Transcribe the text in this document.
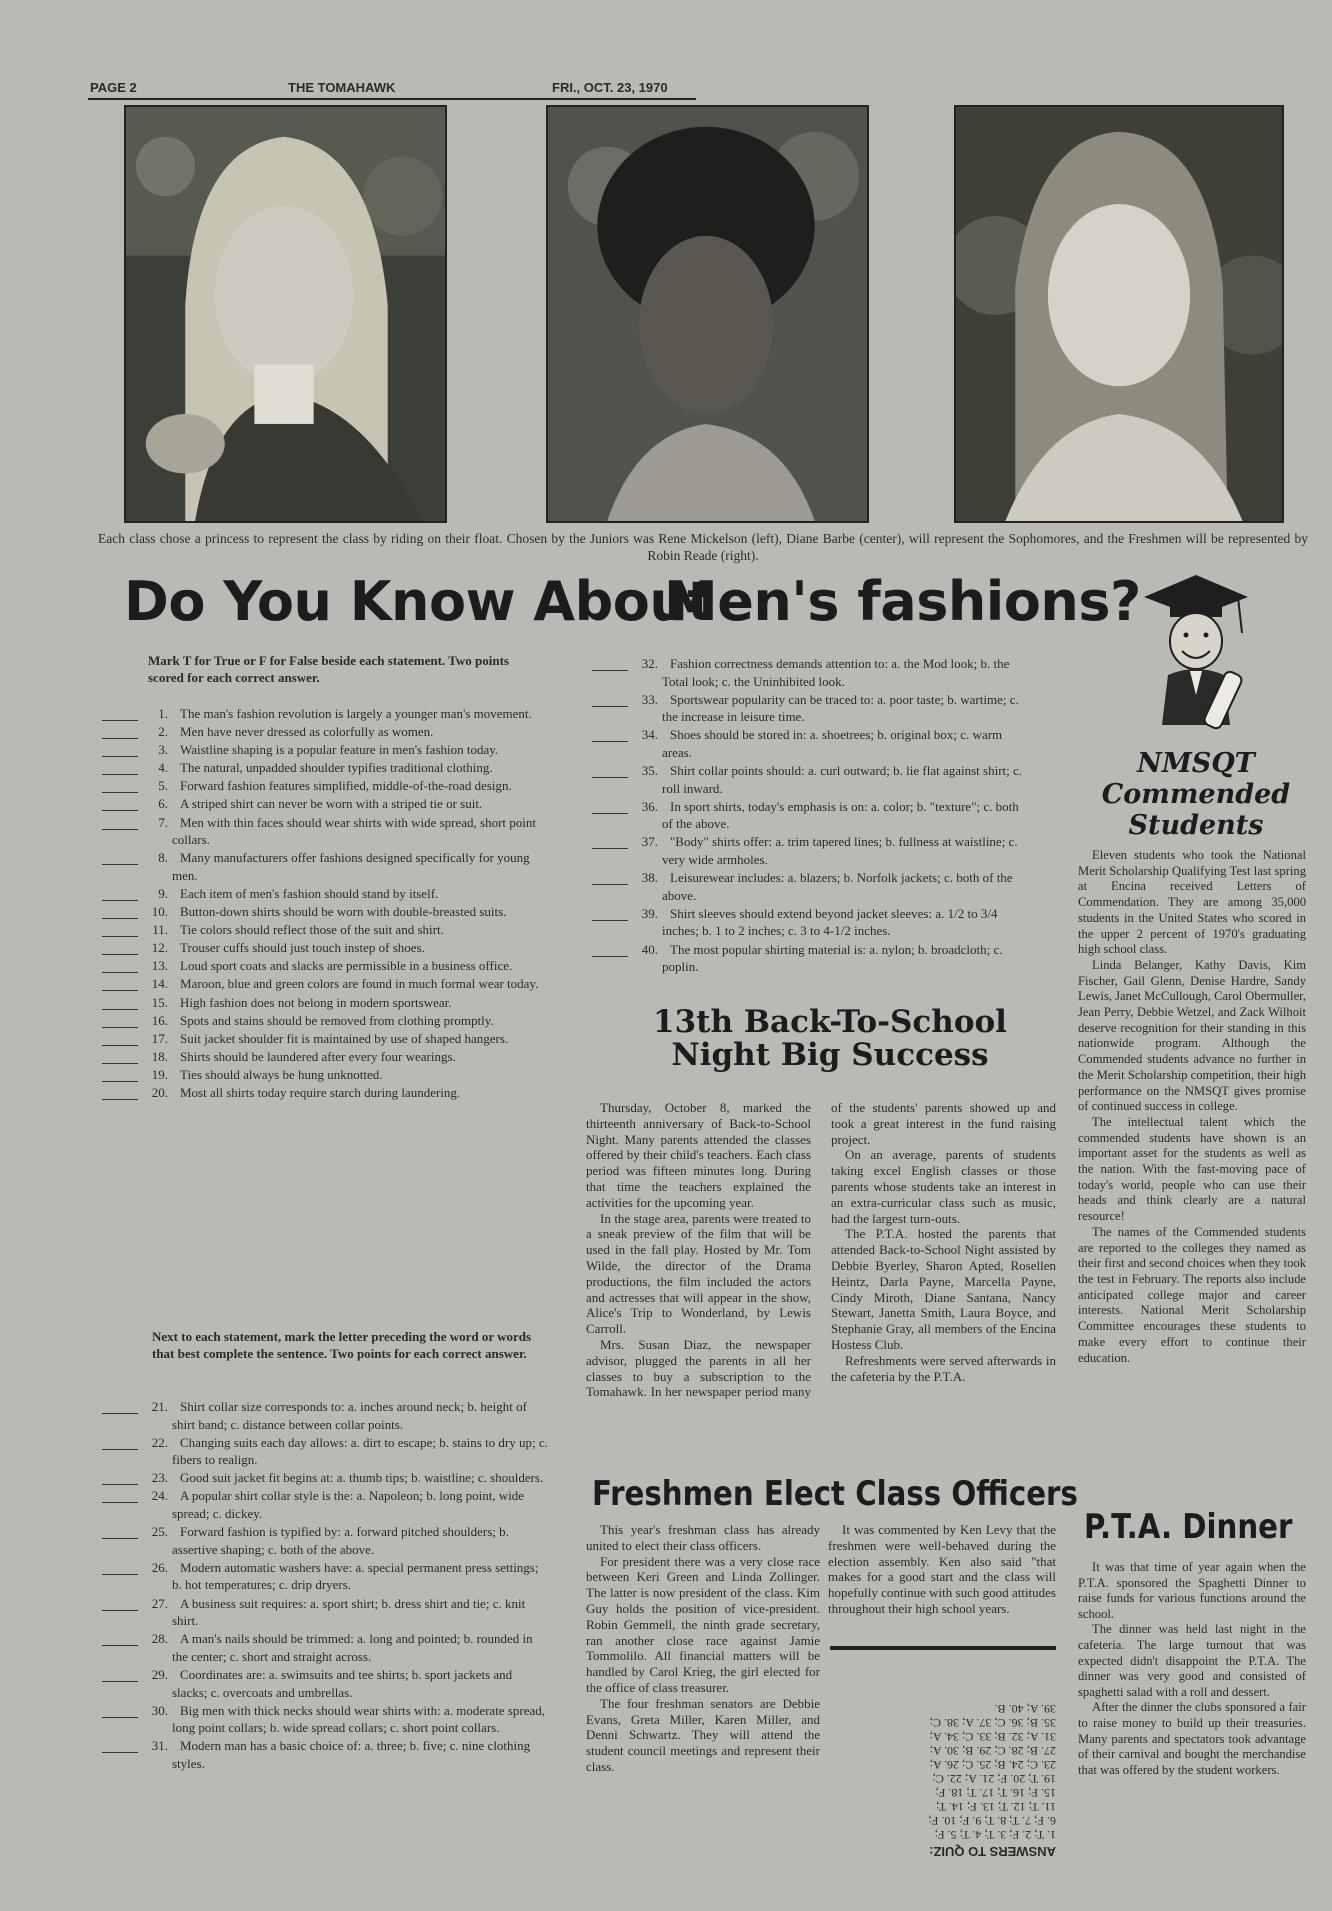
PAGE 2	THE TOMAHAWK	FRI., OCT. 23, 1970
Each class chose a princess to represent the class by riding on their float. Chosen by the Juniors was Rene Mickelson (left), Diane Barbe (center), will represent the Sophomores, and the Freshmen will be represented by Robin Reade (right).
Do You Know About
Men's fashions?
Mark T for True or F for False beside each statement. Two points scored for each correct answer.
1. The man's fashion revolution is largely a younger man's movement.
2. Men have never dressed as colorfully as women.
3. Waistline shaping is a popular feature in men's fashion today.
4. The natural, unpadded shoulder typifies traditional clothing.
5. Forward fashion features simplified, middle-of-the-road design.
6. A striped shirt can never be worn with a striped tie or suit.
7. Men with thin faces should wear shirts with wide spread, short point collars.
8. Many manufacturers offer fashions designed specifically for young men.
9. Each item of men's fashion should stand by itself.
10. Button-down shirts should be worn with double-breasted suits.
11. Tie colors should reflect those of the suit and shirt.
12. Trouser cuffs should just touch instep of shoes.
13. Loud sport coats and slacks are permissible in a business office.
14. Maroon, blue and green colors are found in much formal wear today.
15. High fashion does not belong in modern sportswear.
16. Spots and stains should be removed from clothing promptly.
17. Suit jacket shoulder fit is maintained by use of shaped hangers.
18. Shirts should be laundered after every four wearings.
19. Ties should always be hung unknotted.
20. Most all shirts today require starch during laundering.
Next to each statement, mark the letter preceding the word or words that best complete the sentence. Two points for each correct answer.
21. Shirt collar size corresponds to: a. inches around neck; b. height of shirt band; c. distance between collar points.
22. Changing suits each day allows: a. dirt to escape; b. stains to dry up; c. fibers to realign.
23. Good suit jacket fit begins at: a. thumb tips; b. waistline; c. shoulders.
24. A popular shirt collar style is the: a. Napoleon; b. long point, wide spread; c. dickey.
25. Forward fashion is typified by: a. forward pitched shoulders; b. assertive shaping; c. both of the above.
26. Modern automatic washers have: a. special permanent press settings; b. hot temperatures; c. drip dryers.
27. A business suit requires: a. sport shirt; b. dress shirt and tie; c. knit shirt.
28. A man's nails should be trimmed: a. long and pointed; b. rounded in the center; c. short and straight across.
29. Coordinates are: a. swimsuits and tee shirts; b. sport jackets and slacks; c. overcoats and umbrellas.
30. Big men with thick necks should wear shirts with: a. moderate spread, long point collars; b. wide spread collars; c. short point collars.
31. Modern man has a basic choice of: a. three; b. five; c. nine clothing styles.
32. Fashion correctness demands attention to: a. the Mod look; b. the Total look; c. the Uninhibited look.
33. Sportswear popularity can be traced to: a. poor taste; b. wartime; c. the increase in leisure time.
34. Shoes should be stored in: a. shoetrees; b. original box; c. warm areas.
35. Shirt collar points should: a. curl outward; b. lie flat against shirt; c. roll inward.
36. In sport shirts, today's emphasis is on: a. color; b. "texture"; c. both of the above.
37. "Body" shirts offer: a. trim tapered lines; b. fullness at waistline; c. very wide armholes.
38. Leisurewear includes: a. blazers; b. Norfolk jackets; c. both of the above.
39. Shirt sleeves should extend beyond jacket sleeves: a. 1/2 to 3/4 inches; b. 1 to 2 inches; c. 3 to 4-1/2 inches.
40. The most popular shirting material is: a. nylon; b. broadcloth; c. poplin.
13th Back-To-School
Night Big Success

Thursday, October 8, marked the thirteenth anniversary of Back-to-School Night. Many parents attended the classes offered by their child's teachers. Each class period was fifteen minutes long. During that time the teachers explained the activities for the upcoming year.

In the stage area, parents were treated to a sneak preview of the film that will be used in the fall play. Hosted by Mr. Tom Wilde, the director of the Drama productions, the film included the actors and actresses that will appear in the show, Alice's Trip to Wonderland, by Lewis Carroll.

Mrs. Susan Diaz, the newspaper advisor, plugged the parents in all her classes to buy a subscription to the Tomahawk. In her newspaper period many of the students' parents showed up and took a great interest in the fund raising project.

On an average, parents of students taking excel English classes or those parents whose students take an interest in an extra-curricular class such as music, had the largest turn-outs.

The P.T.A. hosted the parents that attended Back-to-School Night assisted by Debbie Byerley, Sharon Apted, Rosellen Heintz, Darla Payne, Marcella Payne, Cindy Miroth, Diane Santana, Nancy Stewart, Janetta Smith, Laura Boyce, and Stephanie Gray, all members of the Encina Hostess Club.

Refreshments were served afterwards in the cafeteria by the P.T.A.

Freshmen Elect Class Officers

This year's freshman class has already united to elect their class officers.

For president there was a very close race between Keri Green and Linda Zollinger. The latter is now president of the class. Kim Guy holds the position of vice-president. Robin Gemmell, the ninth grade secretary, ran another close race against Jamie Tommolilo. All financial matters will be handled by Carol Krieg, the girl elected for the office of class treasurer.

The four freshman senators are Debbie Evans, Greta Miller, Karen Miller, and Denni Schwartz. They will attend the student council meetings and represent their class.

It was commented by Ken Levy that the freshmen were well-behaved during the election assembly. Ken also said "that makes for a good start and the class will hopefully continue with such good attitudes throughout their high school years.

ANSWERS TO QUIZ:
1. T; 2. F; 3. T; 4. T; 5. F;
6. F; 7. T; 8. T; 9. F; 10. F;
11. T; 12. T; 13. F; 14. T;
15. F; 16. T; 17. T; 18. F;
19. T; 20. F; 21. A; 22. C;
23. C; 24. B; 25. C; 26. A;
27. B; 28. C; 29. B; 30. A;
31. A; 32. B; 33. C; 34. A;
35. B; 36. C; 37. A; 38. C;
39. A; 40. B.
NMSQT
Commended
Students

Eleven students who took the National Merit Scholarship Qualifying Test last spring at Encina received Letters of Commendation. They are among 35,000 students in the United States who scored in the upper 2 percent of 1970's graduating high school class.

Linda Belanger, Kathy Davis, Kim Fischer, Gail Glenn, Denise Hardre, Sandy Lewis, Janet McCullough, Carol Obermuller, Jean Perry, Debbie Wetzel, and Zack Wilhoit deserve recognition for their standing in this nationwide program. Although the Commended students advance no further in the Merit Scholarship competition, their high performance on the NMSQT gives promise of continued success in college.

The intellectual talent which the commended students have shown is an important asset for the students as well as the nation. With the fast-moving pace of today's world, people who can use their heads and think clearly are a natural resource!

The names of the Commended students are reported to the colleges they named as their first and second choices when they took the test in February. The reports also include anticipated college major and career interests. National Merit Scholarship Committee encourages these students to make every effort to continue their education.

P.T.A. Dinner

It was that time of year again when the P.T.A. sponsored the Spaghetti Dinner to raise funds for various functions around the school.

The dinner was held last night in the cafeteria. The large turnout that was expected didn't disappoint the P.T.A. The dinner was very good and consisted of spaghetti salad with a roll and dessert.

After the dinner the clubs sponsored a fair to raise money to build up their treasuries. Many parents and spectators took advantage of their carnival and bought the merchandise that was offered by the student workers.
